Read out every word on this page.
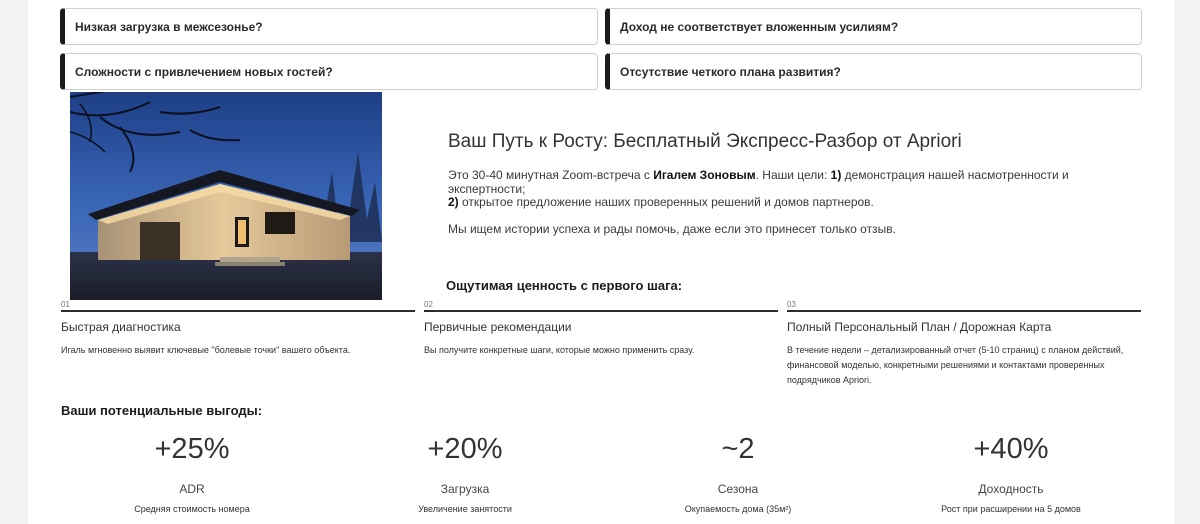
Низкая загрузка в межсезонье?	Доход не соответствует вложенным усилиям?
Сложности с привлечением новых гостей?	Отсутствие четкого плана развития?
Ваш Путь к Росту: Бесплатный Экспресс-Разбор от Apriori
Это 30-40 минутная Zoom-встреча с Игалем Зоновым. Наши цели: 1) демонстрация нашей насмотренности и экспертности;
2) открытое предложение наших проверенных решений и домов партнеров.
Мы ищем истории успеха и рады помочь, даже если это принесет только отзыв.
Ощутимая ценность с первого шага:
01
Быстрая диагностика
Игаль мгновенно выявит ключевые "болевые точки" вашего объекта.
02
Первичные рекомендации
Вы получите конкретные шаги, которые можно применить сразу.
03
Полный Персональный План / Дорожная Карта
В течение недели – детализированный отчет (5-10 страниц) с планом действий, финансовой моделью, конкретными решениями и контактами проверенных подрядчиков Apriori.
Ваши потенциальные выгоды:
+25%
ADR
Средняя стоимость номера
+20%
Загрузка
Увеличение занятости
~2
Сезона
Окупаемость дома (35м²)
+40%
Доходность
Рост при расширении на 5 домов
